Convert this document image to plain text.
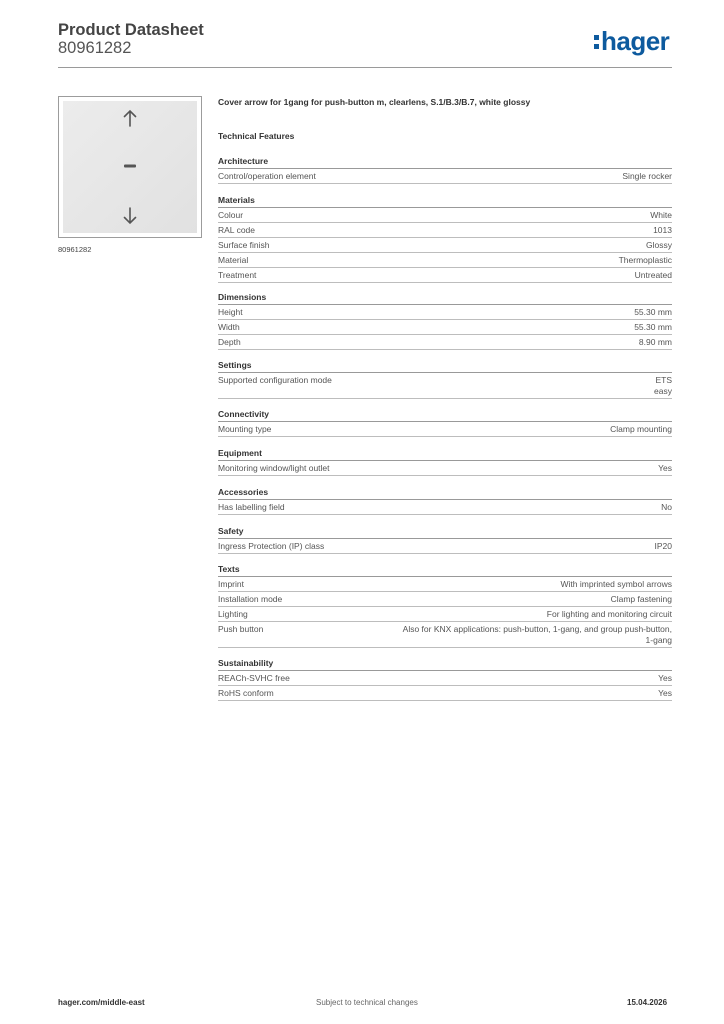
Product Datasheet
80961282	hager
80961282
Cover arrow for 1gang for push-button m, clearlens, S.1/B.3/B.7, white glossy
Technical Features
Architecture
Control/operation element	Single rocker
Materials
Colour	White
RAL code	1013
Surface finish	Glossy
Material	Thermoplastic
Treatment	Untreated
Dimensions
Height	55.30 mm
Width	55.30 mm
Depth	8.90 mm
Settings
Supported configuration mode	ETS
easy
Connectivity
Mounting type	Clamp mounting
Equipment
Monitoring window/light outlet	Yes
Accessories
Has labelling field	No
Safety
Ingress Protection (IP) class	IP20
Texts
Imprint	With imprinted symbol arrows
Installation mode	Clamp fastening
Lighting	For lighting and monitoring circuit
Push button	Also for KNX applications: push-button, 1-gang, and group push-button,
1-gang
Sustainability
REACh-SVHC free	Yes
RoHS conform	Yes
hager.com/middle-east	Subject to technical changes	15.04.2026
